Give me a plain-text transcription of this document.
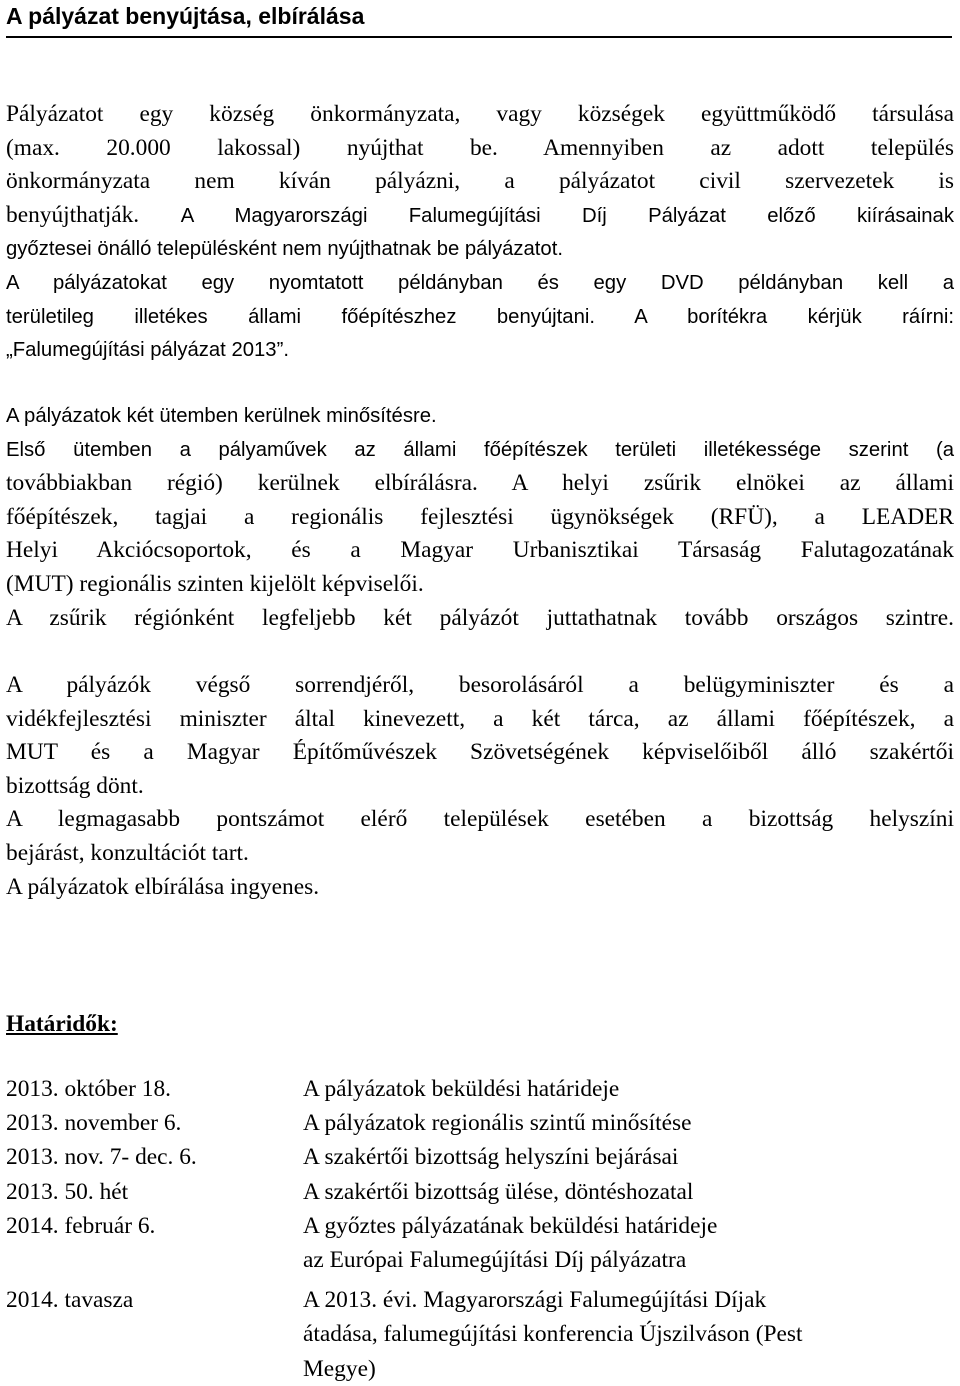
A pályázat benyújtása, elbírálása
Pályázatot egy község önkormányzata, vagy községek együttműködő társulása
(max. 20.000 lakossal) nyújthat be. Amennyiben az adott település
önkormányzata nem kíván pályázni, a pályázatot civil szervezetek is
benyújthatják. A Magyarországi Falumegújítási Díj Pályázat előző kiírásainak
győztesei önálló településként nem nyújthatnak be pályázatot.
A pályázatokat egy nyomtatott példányban és egy DVD példányban kell a
területileg illetékes állami főépítészhez benyújtani. A borítékra kérjük ráírni:
„Falumegújítási pályázat 2013”.
A pályázatok két ütemben kerülnek minősítésre.
Első ütemben a pályaművek az állami főépítészek területi illetékessége szerint (a
továbbiakban régió) kerülnek elbírálásra. A helyi zsűrik elnökei az állami
főépítészek, tagjai a regionális fejlesztési ügynökségek (RFÜ), a LEADER
Helyi Akciócsoportok, és a Magyar Urbanisztikai Társaság Falutagozatának
(MUT) regionális szinten kijelölt képviselői.
A zsűrik régiónként legfeljebb két pályázót juttathatnak tovább országos szintre.
A pályázók végső sorrendjéről, besorolásáról a belügyminiszter és a
vidékfejlesztési miniszter által kinevezett, a két tárca, az állami főépítészek, a
MUT és a Magyar Építőművészek Szövetségének képviselőiből álló szakértői
bizottság dönt.
A legmagasabb pontszámot elérő települések esetében a bizottság helyszíni
bejárást, konzultációt tart.
A pályázatok elbírálása ingyenes.
Határidők:
2013. október 18.	A pályázatok beküldési határideje
2013. november 6.	A pályázatok regionális szintű minősítése
2013. nov. 7- dec. 6.	A szakértői bizottság helyszíni bejárásai
2013. 50. hét	A szakértői bizottság ülése, döntéshozatal
2014. február 6.	A győztes pályázatának beküldési határideje
az Európai Falumegújítási Díj pályázatra
2014. tavasza	A 2013. évi. Magyarországi Falumegújítási Díjak
átadása, falumegújítási konferencia Újszilváson (Pest
Megye)
